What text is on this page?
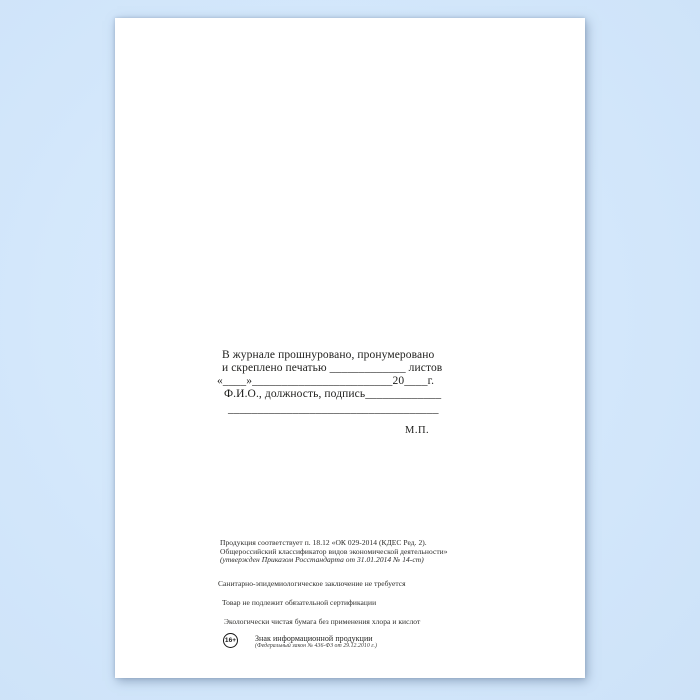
В журнале прошнуровано, пронумеровано
и скреплено печатью _____________ листов
«____»________________________20____г.
Ф.И.О., должность, подпись_____________
____________________________________
М.П.
Продукция соответствует п. 18.12 «ОК 029-2014 (КДЕС Ред. 2).
Общероссийский классификатор видов экономической деятельности»
(утвержден Приказом Росстандарта от 31.01.2014 № 14-ст)
Санитарно-эпидемиологическое заключение не требуется
Товар не подлежит обязательной сертификации
Экологически чистая бумага без применения хлора и кислот
16+ Знак информационной продукции
(Федеральный закон № 436-ФЗ от 29.12.2010 г.)
